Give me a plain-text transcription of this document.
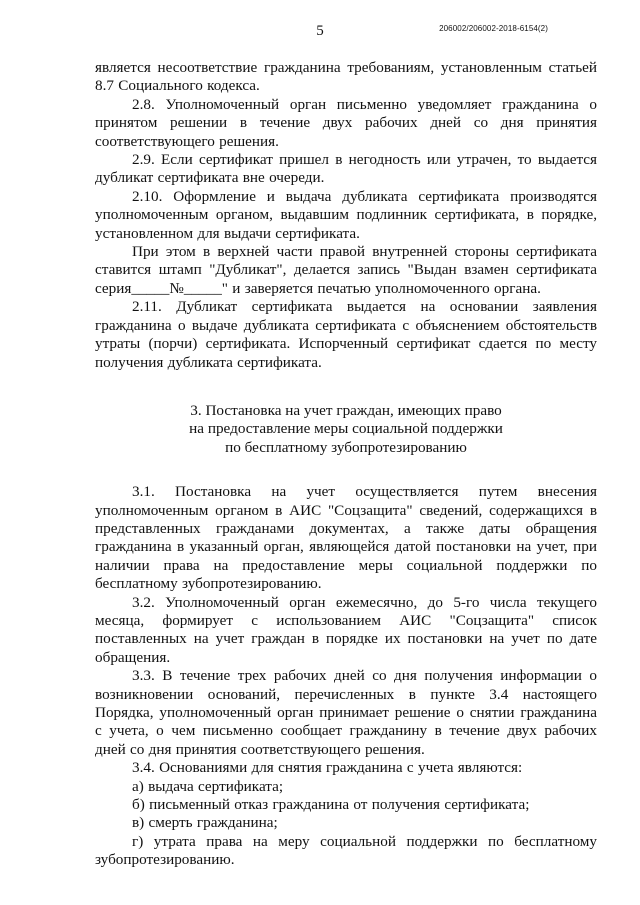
5	206002/206002-2018-6154(2)

является несоответствие гражданина требованиям, установленным статьей 8.7 Социального кодекса.

2.8. Уполномоченный орган письменно уведомляет гражданина о принятом решении в течение двух рабочих дней со дня принятия соответствующего решения.

2.9. Если сертификат пришел в негодность или утрачен, то выдается дубликат сертификата вне очереди.

2.10. Оформление и выдача дубликата сертификата производятся уполномоченным органом, выдавшим подлинник сертификата, в порядке, установленном для выдачи сертификата.

При этом в верхней части правой внутренней стороны сертификата ставится штамп "Дубликат", делается запись "Выдан взамен сертификата серия_____№_____" и заверяется печатью уполномоченного органа.

2.11. Дубликат сертификата выдается на основании заявления гражданина о выдаче дубликата сертификата с объяснением обстоятельств утраты (порчи) сертификата. Испорченный сертификат сдается по месту получения дубликата сертификата.

3. Постановка на учет граждан, имеющих право
на предоставление меры социальной поддержки
по бесплатному зубопротезированию

3.1. Постановка на учет осуществляется путем внесения уполномоченным органом в АИС "Соцзащита" сведений, содержащихся в представленных гражданами документах, а также даты обращения гражданина в указанный орган, являющейся датой постановки на учет, при наличии права на предоставление меры социальной поддержки по бесплатному зубопротезированию.

3.2. Уполномоченный орган ежемесячно, до 5-го числа текущего месяца, формирует с использованием АИС "Соцзащита" список поставленных на учет граждан в порядке их постановки на учет по дате обращения.

3.3. В течение трех рабочих дней со дня получения информации о возникновении оснований, перечисленных в пункте 3.4 настоящего Порядка, уполномоченный орган принимает решение о снятии гражданина с учета, о чем письменно сообщает гражданину в течение двух рабочих дней со дня принятия соответствующего решения.

3.4. Основаниями для снятия гражданина с учета являются:

а) выдача сертификата;

б) письменный отказ гражданина от получения сертификата;

в) смерть гражданина;

г) утрата права на меру социальной поддержки по бесплатному зубопротезированию.
